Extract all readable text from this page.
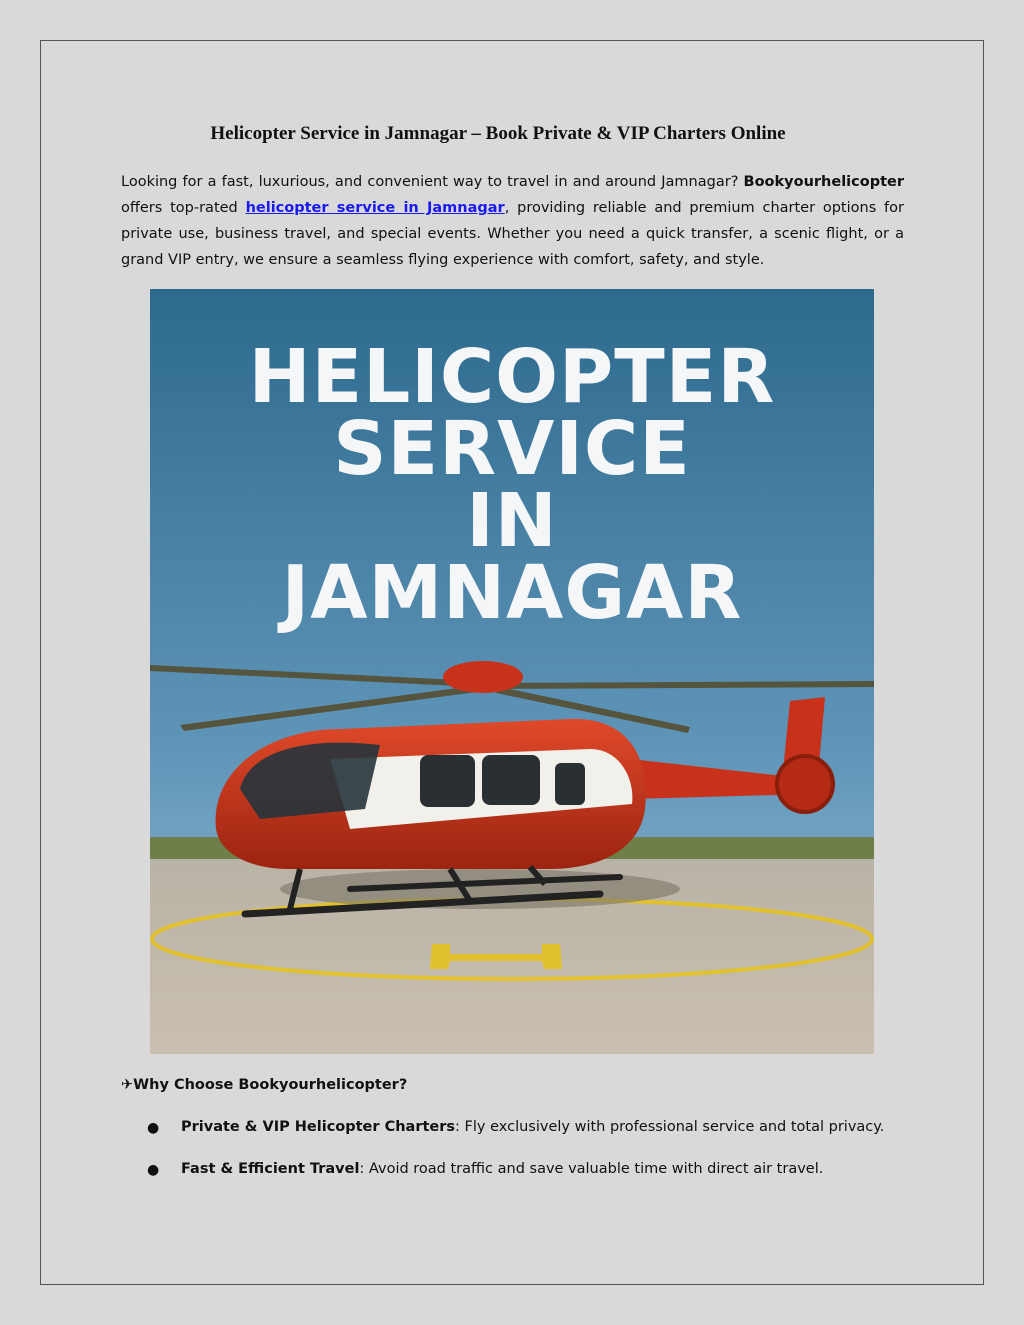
Helicopter Service in Jamnagar – Book Private & VIP Charters Online

Looking for a fast, luxurious, and convenient way to travel in and around Jamnagar? Bookyourhelicopter offers top-rated helicopter service in Jamnagar, providing reliable and premium charter options for private use, business travel, and special events. Whether you need a quick transfer, a scenic flight, or a grand VIP entry, we ensure a seamless flying experience with comfort, safety, and style.

HELICOPTER
SERVICE
IN
JAMNAGAR
✈Why Choose Bookyourhelicopter?
● Private & VIP Helicopter Charters: Fly exclusively with professional service and total privacy.
● Fast & Efficient Travel: Avoid road traffic and save valuable time with direct air travel.
